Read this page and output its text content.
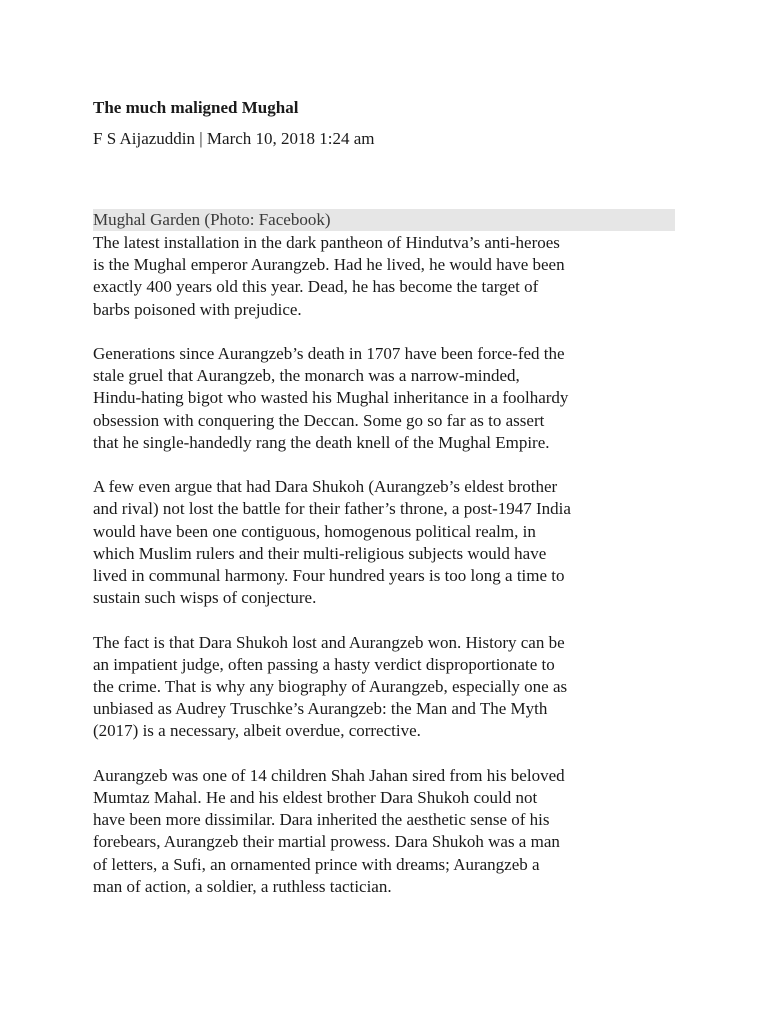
The much maligned Mughal

F S Aijazuddin | March 10, 2018 1:24 am

Mughal Garden (Photo: Facebook)

The latest installation in the dark pantheon of Hindutva’s anti-heroes
is the Mughal emperor Aurangzeb. Had he lived, he would have been
exactly 400 years old this year. Dead, he has become the target of
barbs poisoned with prejudice.

Generations since Aurangzeb’s death in 1707 have been force-fed the
stale gruel that Aurangzeb, the monarch was a narrow-minded,
Hindu-hating bigot who wasted his Mughal inheritance in a foolhardy
obsession with conquering the Deccan. Some go so far as to assert
that he single-handedly rang the death knell of the Mughal Empire.

A few even argue that had Dara Shukoh (Aurangzeb’s eldest brother
and rival) not lost the battle for their father’s throne, a post-1947 India
would have been one contiguous, homogenous political realm, in
which Muslim rulers and their multi-religious subjects would have
lived in communal harmony. Four hundred years is too long a time to
sustain such wisps of conjecture.

The fact is that Dara Shukoh lost and Aurangzeb won. History can be
an impatient judge, often passing a hasty verdict disproportionate to
the crime. That is why any biography of Aurangzeb, especially one as
unbiased as Audrey Truschke’s Aurangzeb: the Man and The Myth
(2017) is a necessary, albeit overdue, corrective.

Aurangzeb was one of 14 children Shah Jahan sired from his beloved
Mumtaz Mahal. He and his eldest brother Dara Shukoh could not
have been more dissimilar. Dara inherited the aesthetic sense of his
forebears, Aurangzeb their martial prowess. Dara Shukoh was a man
of letters, a Sufi, an ornamented prince with dreams; Aurangzeb a
man of action, a soldier, a ruthless tactician.
